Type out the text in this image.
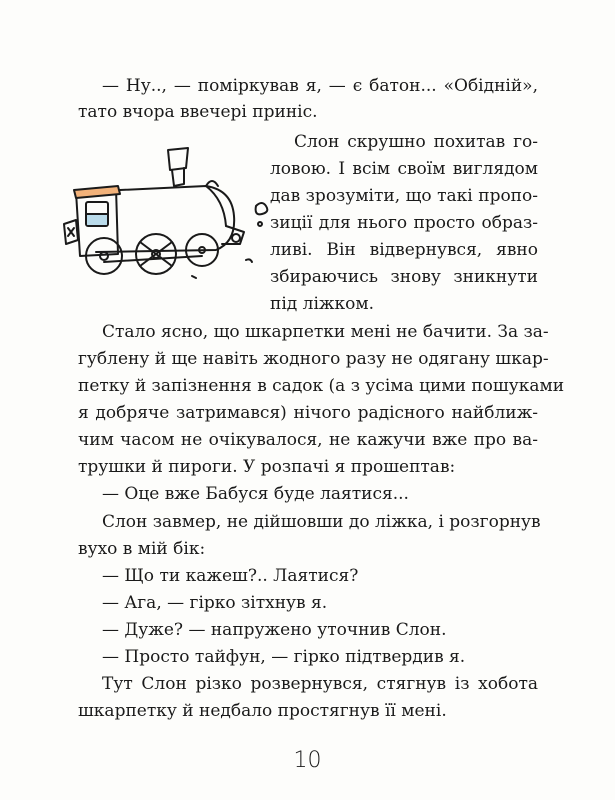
— Ну.., — поміркував я, — є батон... «Обідній»,
тато вчора ввечері приніс.
Слон скрушно похитав го-
ловою. І всім своїм виглядом
дав зрозуміти, що такі пропо-
зиції для нього просто образ-
ливі. Він відвернувся, явно
збираючись знову зникнути
під ліжком.
Стало ясно, що шкарпетки мені не бачити. За за-
гублену й ще навіть жодного разу не одягану шкар-
петку й запізнення в садок (а з усіма цими пошуками
я добряче затримався) нічого радісного найближ-
чим часом не очікувалося, не кажучи вже про ва-
трушки й пироги. У розпачі я прошептав:
— Оце вже Бабуся буде лаятися...
Слон завмер, не дійшовши до ліжка, і розгорнув
вухо в мій бік:
— Що ти кажеш?.. Лаятися?
— Ага, — гірко зітхнув я.
— Дуже? — напружено уточнив Слон.
— Просто тайфун, — гірко підтвердив я.
Тут Слон різко розвернувся, стягнув із хобота
шкарпетку й недбало простягнув її мені.
10
